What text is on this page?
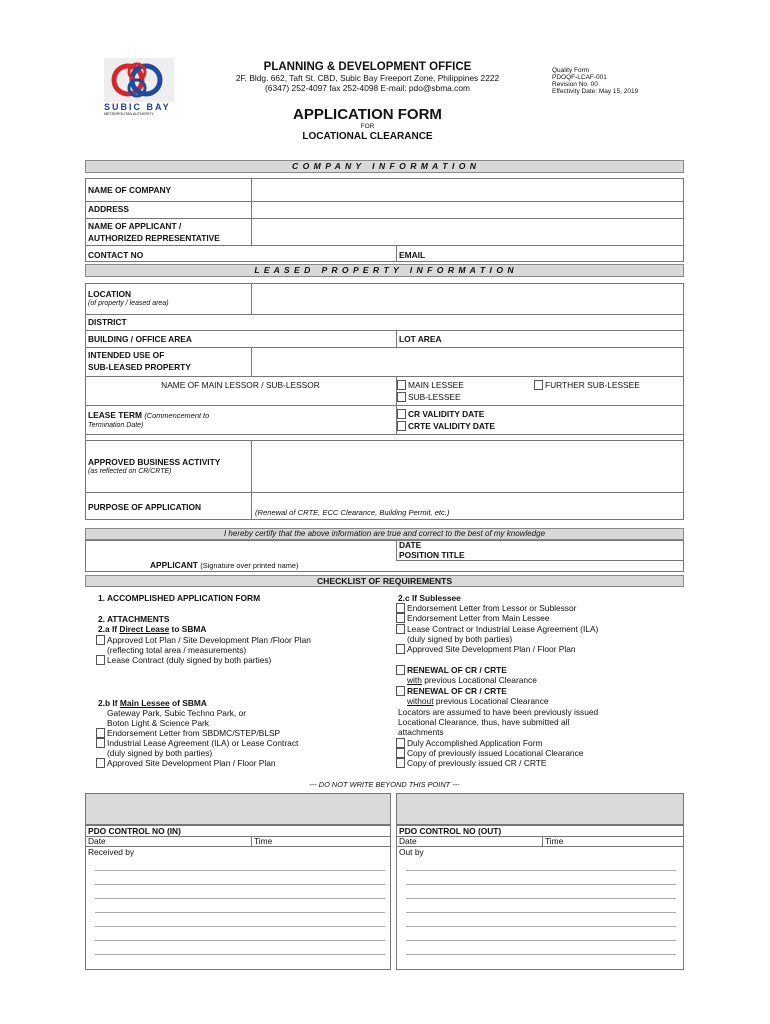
SUBIC BAY
METROPOLITAN AUTHORITY
PLANNING & DEVELOPMENT OFFICE
2F, Bldg. 662, Taft St. CBD, Subic Bay Freeport Zone, Philippines 2222
(6347) 252-4097 fax 252-4098 E-mail: pdo@sbma.com
Quality Form
PDOQF-LCAF-001
Revision No. 00
Effectivity Date: May 15, 2019
APPLICATION FORM
FOR
LOCATIONAL CLEARANCE
C O M P A N Y   I N F O R M A T I O N
NAME OF COMPANY
ADDRESS
NAME OF APPLICANT /
AUTHORIZED REPRESENTATIVE
CONTACT NO	EMAIL
L E A S E D   P R O P E R T Y   I N F O R M A T I O N
LOCATION
(of property / leased area)
DISTRICT
BUILDING / OFFICE AREA	LOT AREA
INTENDED USE OF
SUB-LEASED PROPERTY
NAME OF MAIN LESSOR / SUB-LESSOR	MAIN LESSEE	FURTHER SUB-LESSEE
SUB-LESSEE
LEASE TERM (Commencement to
Termination Date)
CR VALIDITY DATE
CRTE VALIDITY DATE
APPROVED BUSINESS ACTIVITY
(as reflected on CR/CRTE)
PURPOSE OF APPLICATION
(Renewal of CRTE, ECC Clearance, Building Permit, etc.)
I hereby certify that the above information are true and correct to the best of my knowledge
DATE
POSITION TITLE
APPLICANT (Signature over printed name)
CHECKLIST OF REQUIREMENTS
1. ACCOMPLISHED APPLICATION FORM
2. ATTACHMENTS
2.a If Direct Lease to SBMA
Approved Lot Plan / Site Development Plan /Floor Plan
(reflecting total area / measurements)
Lease Contract (duly signed by both parties)
2.b If Main Lessee of SBMA
Gateway Park, Subic Techno Park, or
Boton Light & Science Park
Endorsement Letter from SBDMC/STEP/BLSP
Industrial Lease Agreement (ILA) or Lease Contract
(duly signed by both parties)
Approved Site Development Plan / Floor Plan
2.c If Sublessee
Endorsement Letter from Lessor or Sublessor
Endorsement Letter from Main Lessee
Lease Contract or Industrial Lease Agreement (ILA)
(duly signed by both parties)
Approved Site Development Plan / Floor Plan
RENEWAL OF CR / CRTE
with previous Locational Clearance
RENEWAL OF CR / CRTE
without previous Locational Clearance
Locators are assumed to have been previously issued
Locational Clearance, thus, have submitted all
attachments
Duly Accomplished Application Form
Copy of previously issued Locational Clearance
Copy of previously issued CR / CRTE
--- DO NOT WRITE BEYOND THIS POINT ---
PDO CONTROL NO (IN)
Date	Time
Received by
PDO CONTROL NO (OUT)
Date	Time
Out by
